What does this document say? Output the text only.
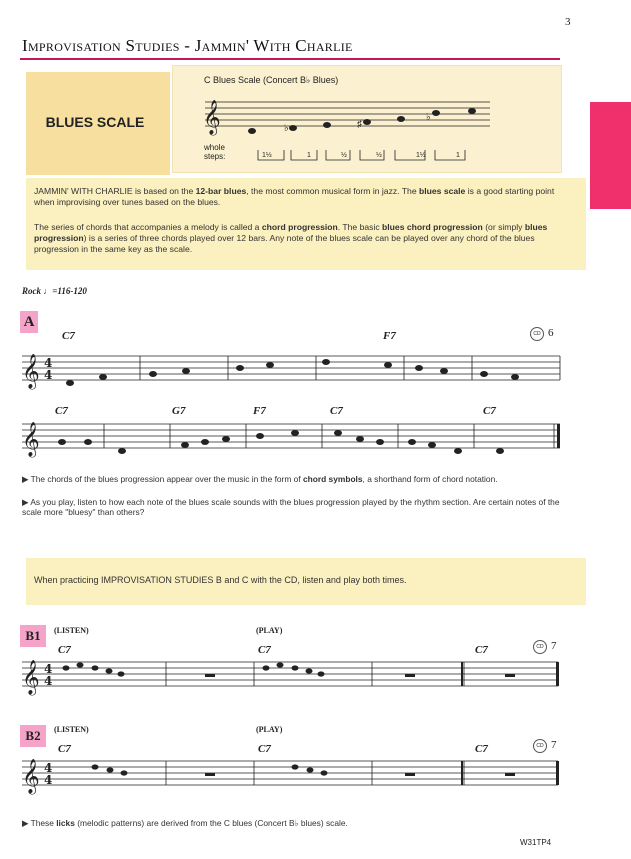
3
Improvisation Studies - Jammin' With Charlie
BLUES SCALE
C Blues Scale (Concert B♭ Blues)
whole steps:	1½	1	½	½	1½	1
JAMMIN' WITH CHARLIE is based on the 12-bar blues, the most common musical form in jazz. The blues scale is a good starting point when improvising over tunes based on the blues.
The series of chords that accompanies a melody is called a chord progression. The basic blues chord progression (or simply blues progression) is a series of three chords played over 12 bars. Any note of the blues scale can be played over any chord of the blues progression in the same key as the scale.
Rock ♩=116-120
A
C7	F7	CD 6
C7	G7	F7	C7	C7
▶ The chords of the blues progression appear over the music in the form of chord symbols, a shorthand form of chord notation.
▶ As you play, listen to how each note of the blues scale sounds with the blues progression played by the rhythm section. Are certain notes of the scale more "bluesy" than others?
When practicing IMPROVISATION STUDIES B and C with the CD, listen and play both times.
B1	(LISTEN)	(PLAY)
C7	C7	C7	CD 7
B2	(LISTEN)	(PLAY)
C7	C7	C7	CD 7
▶ These licks (melodic patterns) are derived from the C blues (Concert B♭ blues) scale.
W31TP4
𝄞
𝄞
𝄞
𝄞
𝄞
4
4
4
4
4
4
♭	♯
♭
